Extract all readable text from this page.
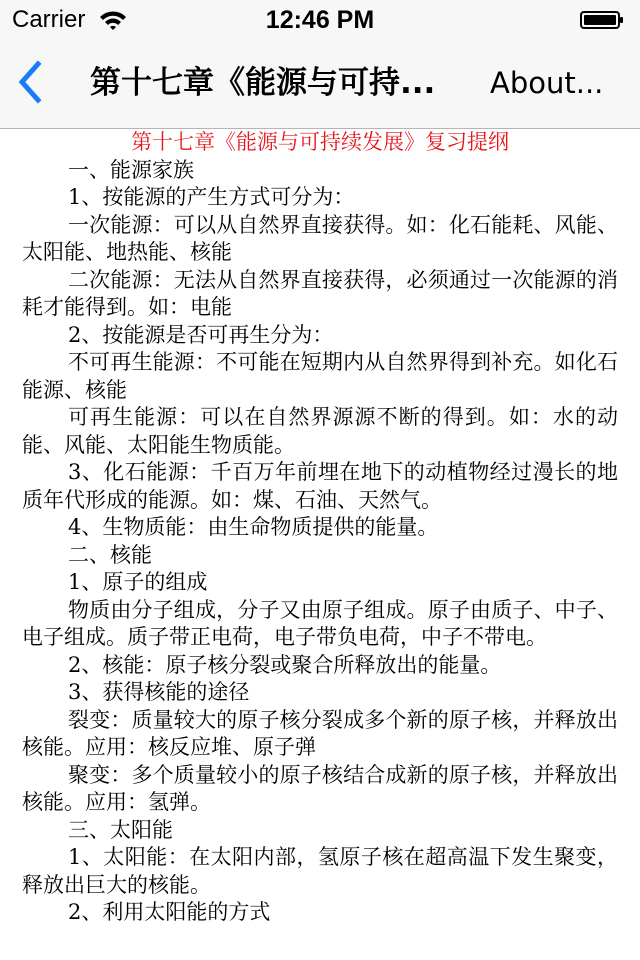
Carrier	12:46 PM
第十七章《能源与可持...	About...

第十七章《能源与可持续发展》复习提纲

一、能源家族

1、按能源的产生方式可分为：

一次能源：可以从自然界直接获得。如：化石能耗、风能、太阳能、地热能、核能

二次能源：无法从自然界直接获得，必须通过一次能源的消耗才能得到。如：电能

2、按能源是否可再生分为：

不可再生能源：不可能在短期内从自然界得到补充。如化石能源、核能

可再生能源：可以在自然界源源不断的得到。如：水的动能、风能、太阳能生物质能。

3、化石能源：千百万年前埋在地下的动植物经过漫长的地质年代形成的能源。如：煤、石油、天然气。

4、生物质能：由生命物质提供的能量。

二、核能

1、原子的组成

物质由分子组成，分子又由原子组成。原子由质子、中子、电子组成。质子带正电荷，电子带负电荷，中子不带电。

2、核能：原子核分裂或聚合所释放出的能量。

3、获得核能的途径

裂变：质量较大的原子核分裂成多个新的原子核，并释放出核能。应用：核反应堆、原子弹

聚变：多个质量较小的原子核结合成新的原子核，并释放出核能。应用：氢弹。

三、太阳能

1、太阳能：在太阳内部，氢原子核在超高温下发生聚变，释放出巨大的核能。

2、利用太阳能的方式
